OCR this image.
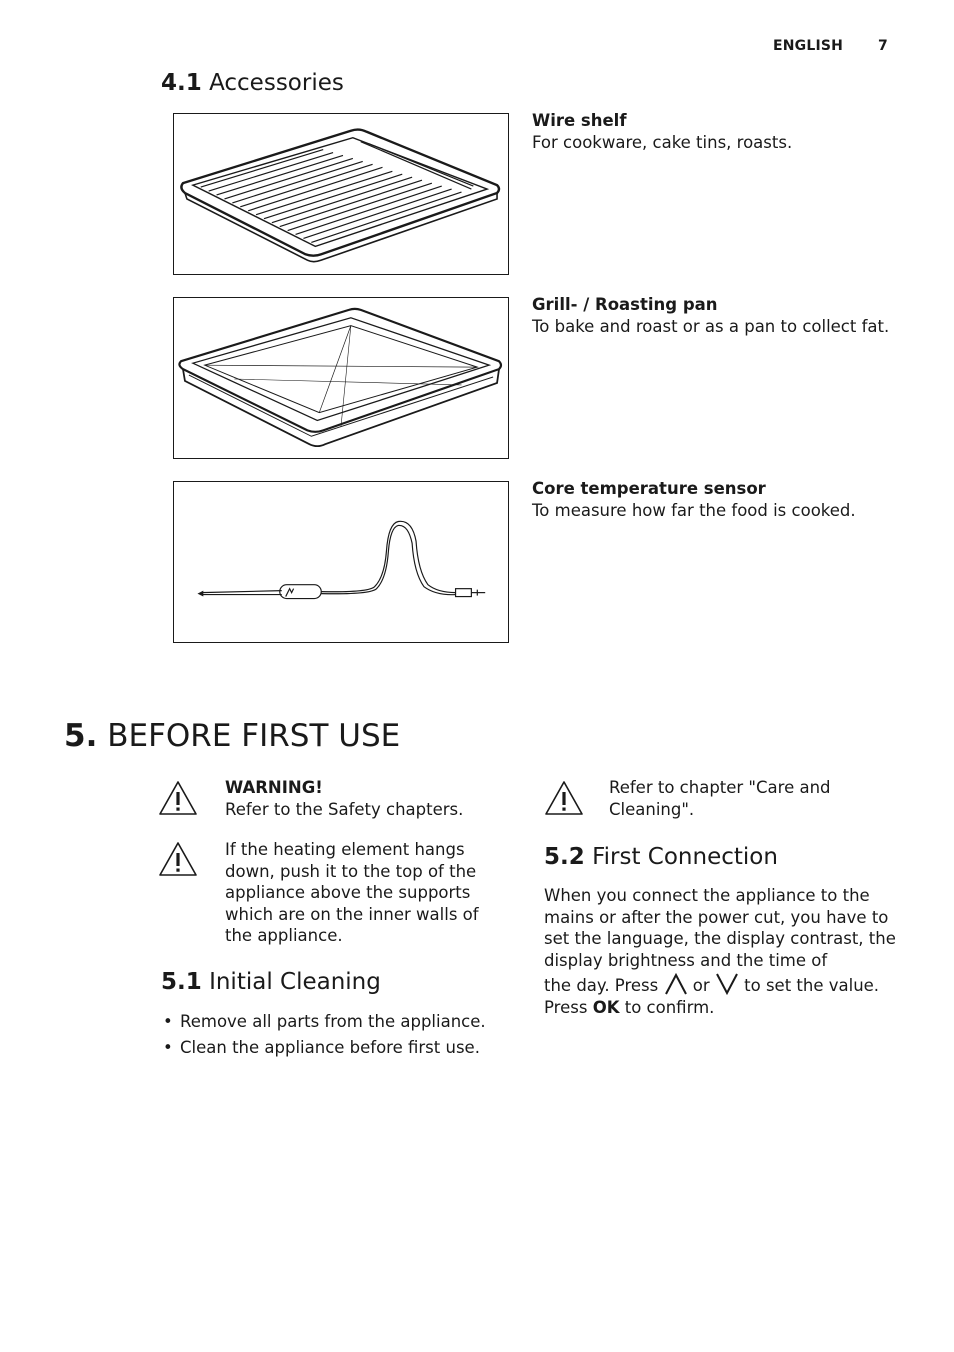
ENGLISH 7
4.1 Accessories
Wire shelf
For cookware, cake tins, roasts.
Grill- / Roasting pan
To bake and roast or as a pan to collect fat.
Core temperature sensor
To measure how far the food is cooked.
5. BEFORE FIRST USE
WARNING!
Refer to the Safety chapters.
If the heating element hangs down, push it to the top of the appliance above the supports which are on the inner walls of the appliance.
5.1 Initial Cleaning
• Remove all parts from the appliance.
• Clean the appliance before first use.
Refer to chapter "Care and Cleaning".
5.2 First Connection
When you connect the appliance to the mains or after the power cut, you have to set the language, the display contrast, the display brightness and the time of
the day. Press or to set the value.
Press OK to confirm.
